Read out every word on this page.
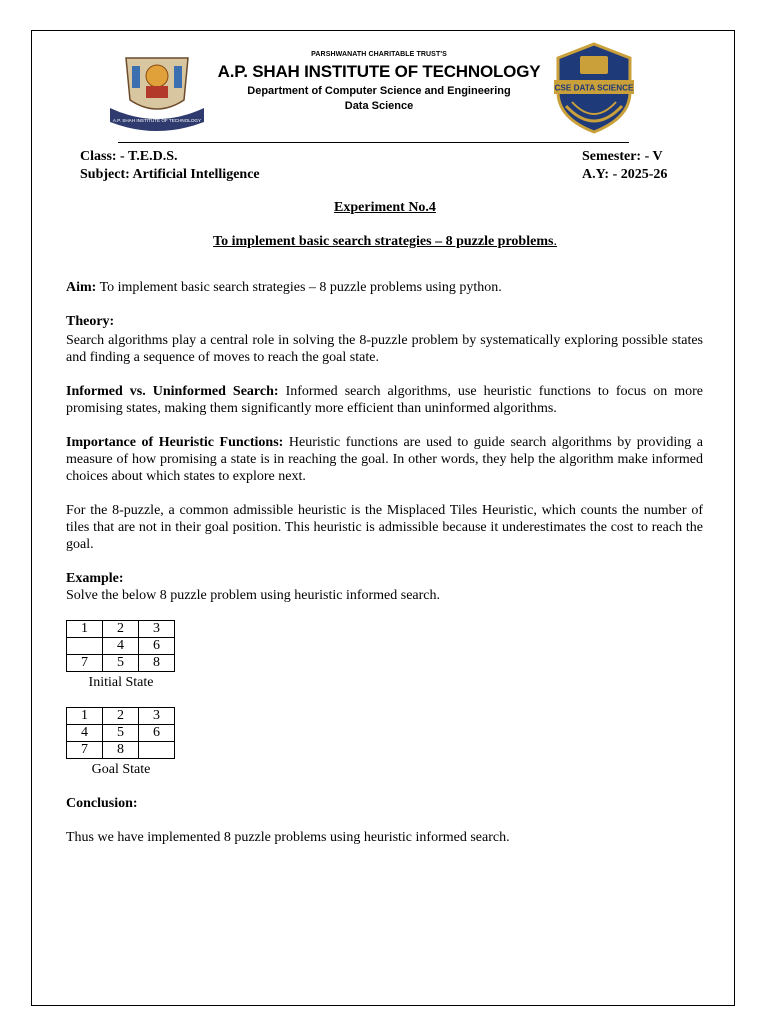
A.P. SHAH INSTITUTE OF TECHNOLOGY
PARSHWANATH CHARITABLE TRUST'S
A.P. SHAH INSTITUTE OF TECHNOLOGY
Department of Computer Science and Engineering
Data Science
CSE DATA SCIENCE
Class: - T.E.D.S.
Subject: Artificial Intelligence
Semester: - V
A.Y: - 2025-26
Experiment No.4
To implement basic search strategies – 8 puzzle problems.
Aim: To implement basic search strategies – 8 puzzle problems using python.
Theory:
Search algorithms play a central role in solving the 8-puzzle problem by systematically exploring possible states and finding a sequence of moves to reach the goal state.
Informed vs. Uninformed Search: Informed search algorithms, use heuristic functions to focus on more promising states, making them significantly more efficient than uninformed algorithms.
Importance of Heuristic Functions: Heuristic functions are used to guide search algorithms by providing a measure of how promising a state is in reaching the goal. In other words, they help the algorithm make informed choices about which states to explore next.
For the 8-puzzle, a common admissible heuristic is the Misplaced Tiles Heuristic, which counts the number of tiles that are not in their goal position. This heuristic is admissible because it underestimates the cost to reach the goal.
Example:
Solve the below 8 puzzle problem using heuristic informed search.
1	2	3
	4	6
7	5	8
Initial State
1	2	3
4	5	6
7	8	
Goal State
Conclusion:
Thus we have implemented 8 puzzle problems using heuristic informed search.
